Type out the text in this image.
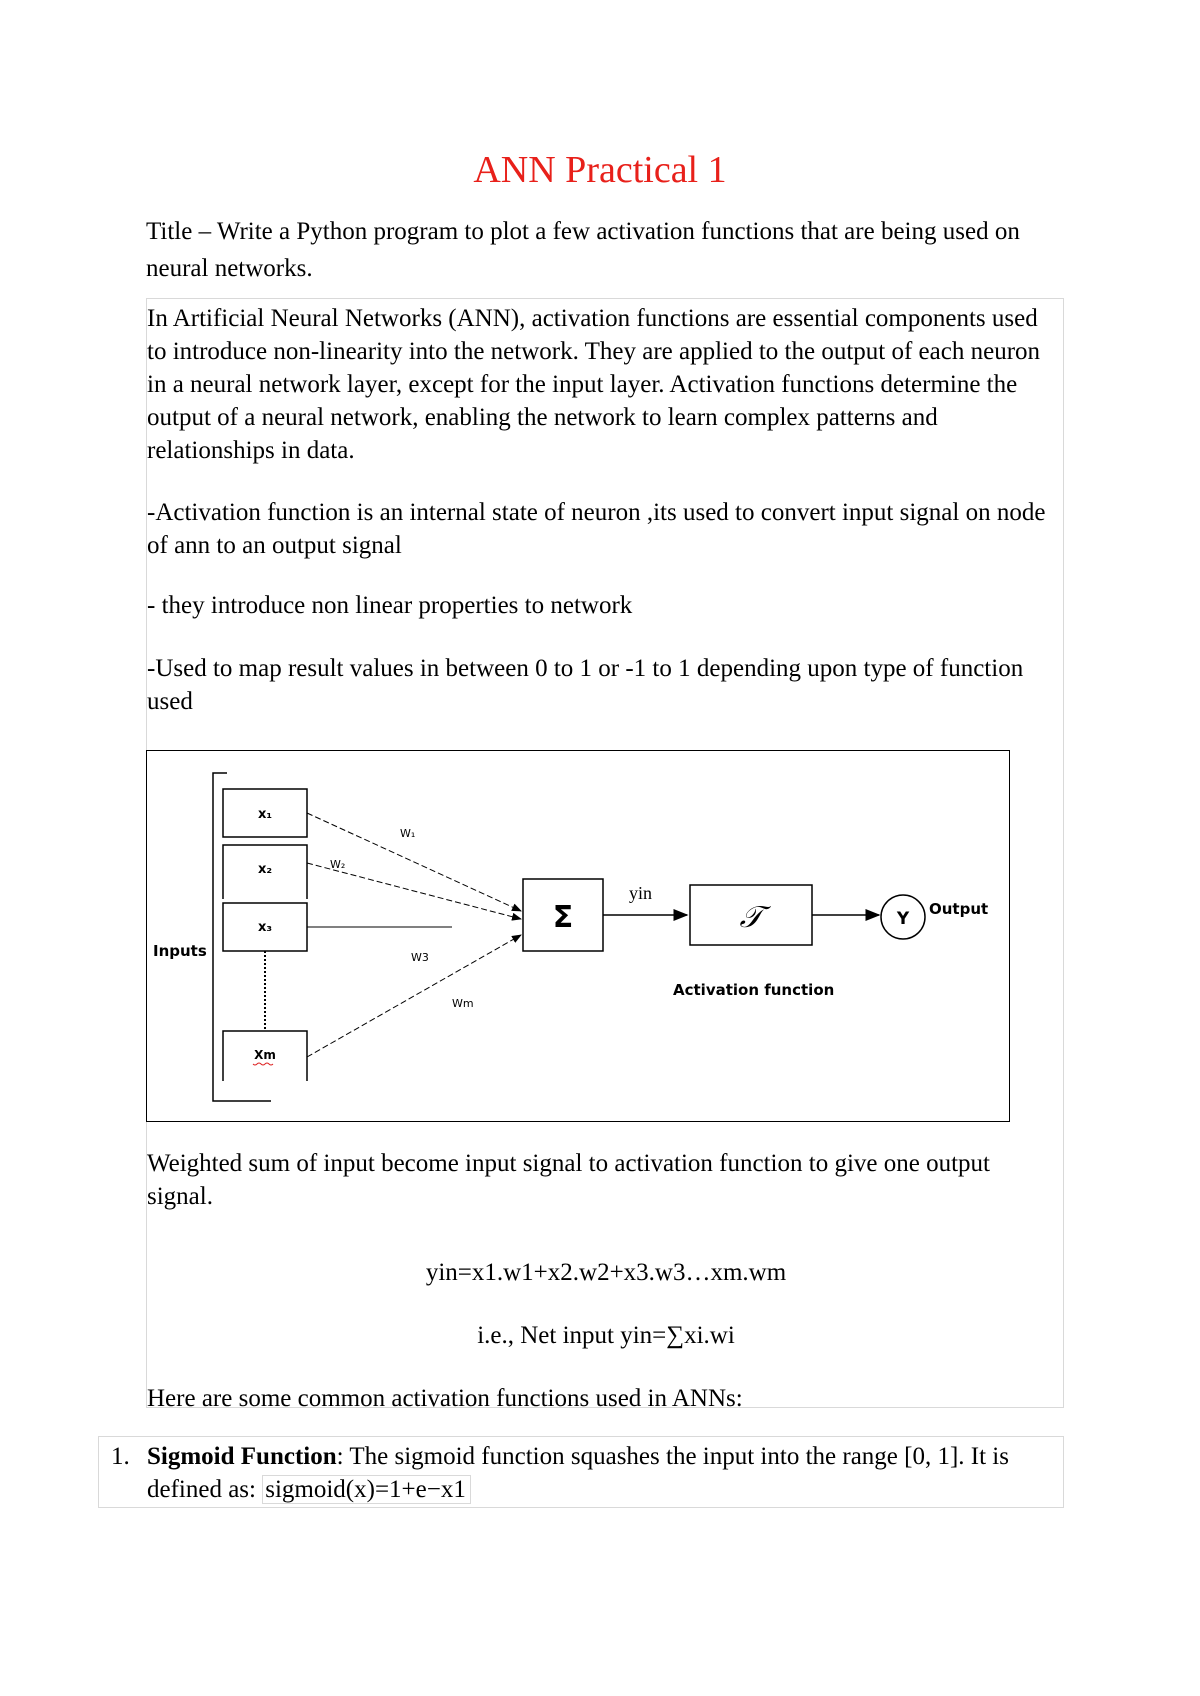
ANN Practical 1
Title – Write a Python program to plot a few activation functions that are being used on neural networks.
In Artificial Neural Networks (ANN), activation functions are essential components used to introduce non-linearity into the network. They are applied to the output of each neuron in a neural network layer, except for the input layer. Activation functions determine the output of a neural network, enabling the network to learn complex patterns and relationships in data.
-Activation function is an internal state of neuron ,its used to convert input signal on node of ann to an output signal
- they introduce non linear properties to network
-Used to map result values in between 0 to 1 or -1 to 1 depending upon type of function used
Weighted sum of input become input signal to activation function to give one output signal.
yin=x1.w1+x2.w2+x3.w3…xm.wm
i.e., Net input yin=∑xi.wi
Here are some common activation functions used in ANNs:
Inputs
x₁
x₂
x₃
Xm
W₁
W₂
W3
Wm
Σ
yin
𝒯
Activation function
Y Output
1. Sigmoid Function: The sigmoid function squashes the input into the range [0, 1]. It is defined as: sigmoid(x)=1+e−x1
